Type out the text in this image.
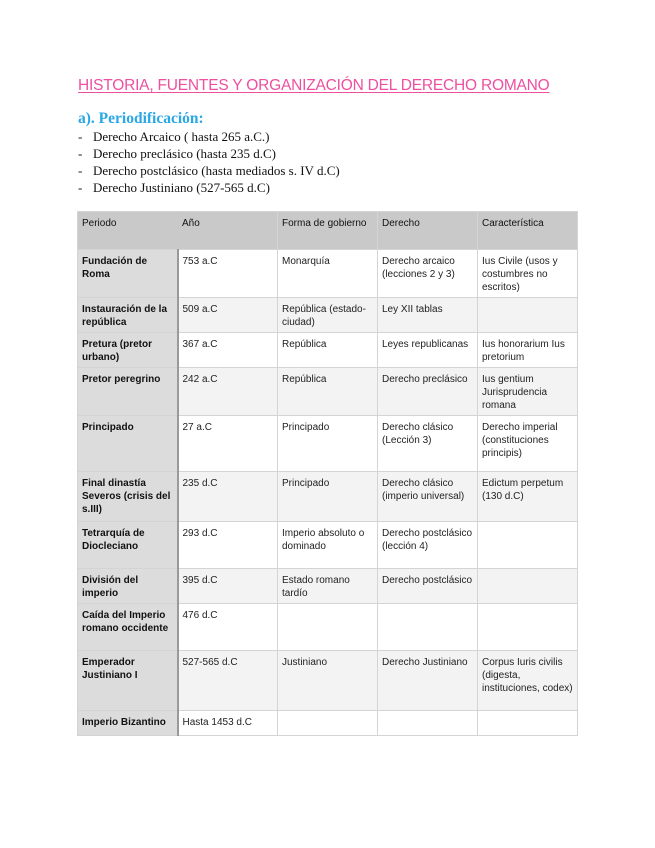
HISTORIA, FUENTES Y ORGANIZACIÓN DEL DERECHO ROMANO
a). Periodificación:
- Derecho Arcaico ( hasta 265 a.C.)
- Derecho preclásico (hasta 235 d.C)
- Derecho postclásico (hasta mediados s. IV d.C)
- Derecho Justiniano (527-565 d.C)
Periodo	Año	Forma de gobierno	Derecho	Característica
Fundación de Roma	753 a.C	Monarquía	Derecho arcaico (lecciones 2 y 3)	Ius Civile (usos y costumbres no escritos)
Instauración de la república	509 a.C	República (estado-ciudad)	Ley XII tablas	
Pretura (pretor urbano)	367 a.C	República	Leyes republicanas	Ius honorarium Ius pretorium
Pretor peregrino	242 a.C	República	Derecho preclásico	Ius gentium Jurisprudencia romana
Principado	27 a.C	Principado	Derecho clásico (Lección 3)	Derecho imperial (constituciones principis)
Final dinastía Severos (crisis del s.III)	235 d.C	Principado	Derecho clásico (imperio universal)	Edictum perpetum (130 d.C)
Tetrarquía de Diocleciano	293 d.C	Imperio absoluto o dominado	Derecho postclásico (lección 4)	
División del imperio	395 d.C	Estado romano tardío	Derecho postclásico	
Caída del Imperio romano occidente	476 d.C			
Emperador Justiniano I	527-565 d.C	Justiniano	Derecho Justiniano	Corpus Iuris civilis (digesta, instituciones, codex)
Imperio Bizantino	Hasta 1453 d.C			
